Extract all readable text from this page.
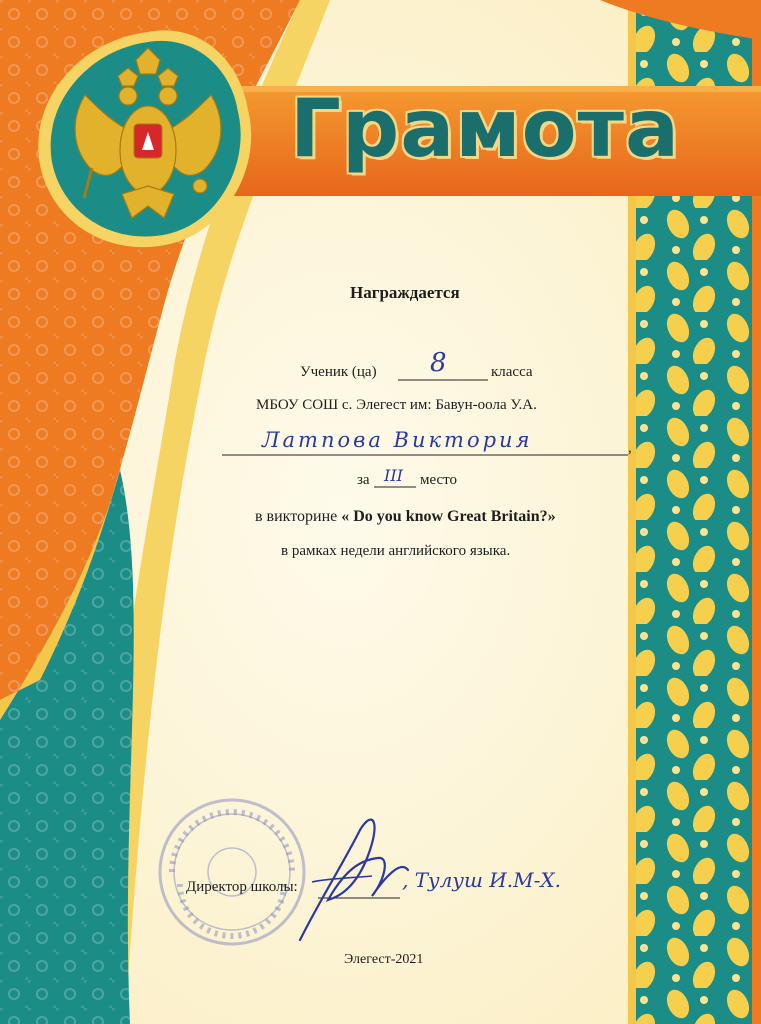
Грамота
Награждается
Ученик (ца) 8	класса
МБОУ СОШ с. Элегест им: Бавун-оола У.А.
Латпова Виктория	,
за III место
в викторине « Do you know Great Britain?»
в рамках недели английского языка.
Директор школы:	, Тулуш И.М-Х.
Элегест-2021
